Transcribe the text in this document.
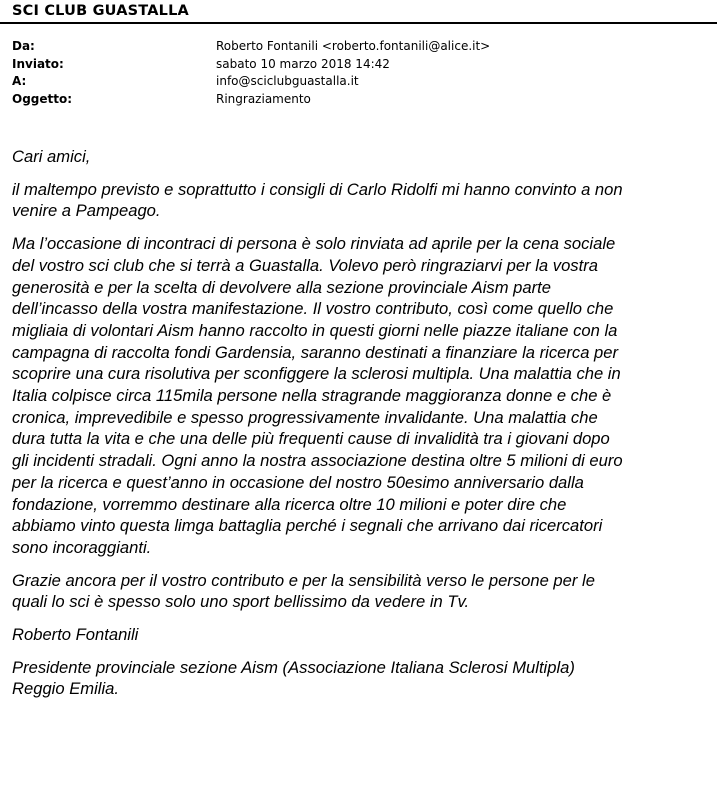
SCI CLUB GUASTALLA
Da:	Roberto Fontanili <roberto.fontanili@alice.it>
Inviato:	sabato 10 marzo 2018 14:42
A:	info@sciclubguastalla.it
Oggetto:	Ringraziamento

Cari amici,

il maltempo previsto e soprattutto i consigli di Carlo Ridolfi mi hanno convinto a non

venire a Pampeago.

Ma l’occasione di incontraci di persona è solo rinviata ad aprile per la cena sociale

del vostro sci club che si terrà a Guastalla. Volevo però ringraziarvi per la vostra

generosità e per la scelta di devolvere alla sezione provinciale Aism parte

dell’incasso della vostra manifestazione. Il vostro contributo, così come quello che

migliaia di volontari Aism hanno raccolto in questi giorni nelle piazze italiane con la

campagna di raccolta fondi Gardensia, saranno destinati a finanziare la ricerca per

scoprire una cura risolutiva per sconfiggere la sclerosi multipla. Una malattia che in

Italia colpisce circa 115mila persone nella stragrande maggioranza donne e che è

cronica, imprevedibile e spesso progressivamente invalidante. Una malattia che

dura tutta la vita e che una delle più frequenti cause di invalidità tra i giovani dopo

gli incidenti stradali. Ogni anno la nostra associazione destina oltre 5 milioni di euro

per la ricerca e quest’anno in occasione del nostro 50esimo anniversario dalla

fondazione, vorremmo destinare alla ricerca oltre 10 milioni e poter dire che

abbiamo vinto questa limga battaglia perché i segnali che arrivano dai ricercatori

sono incoraggianti.

Grazie ancora per il vostro contributo e per la sensibilità verso le persone per le

quali lo sci è spesso solo uno sport bellissimo da vedere in Tv.

Roberto Fontanili

Presidente provinciale sezione Aism (Associazione Italiana Sclerosi Multipla)

Reggio Emilia.
